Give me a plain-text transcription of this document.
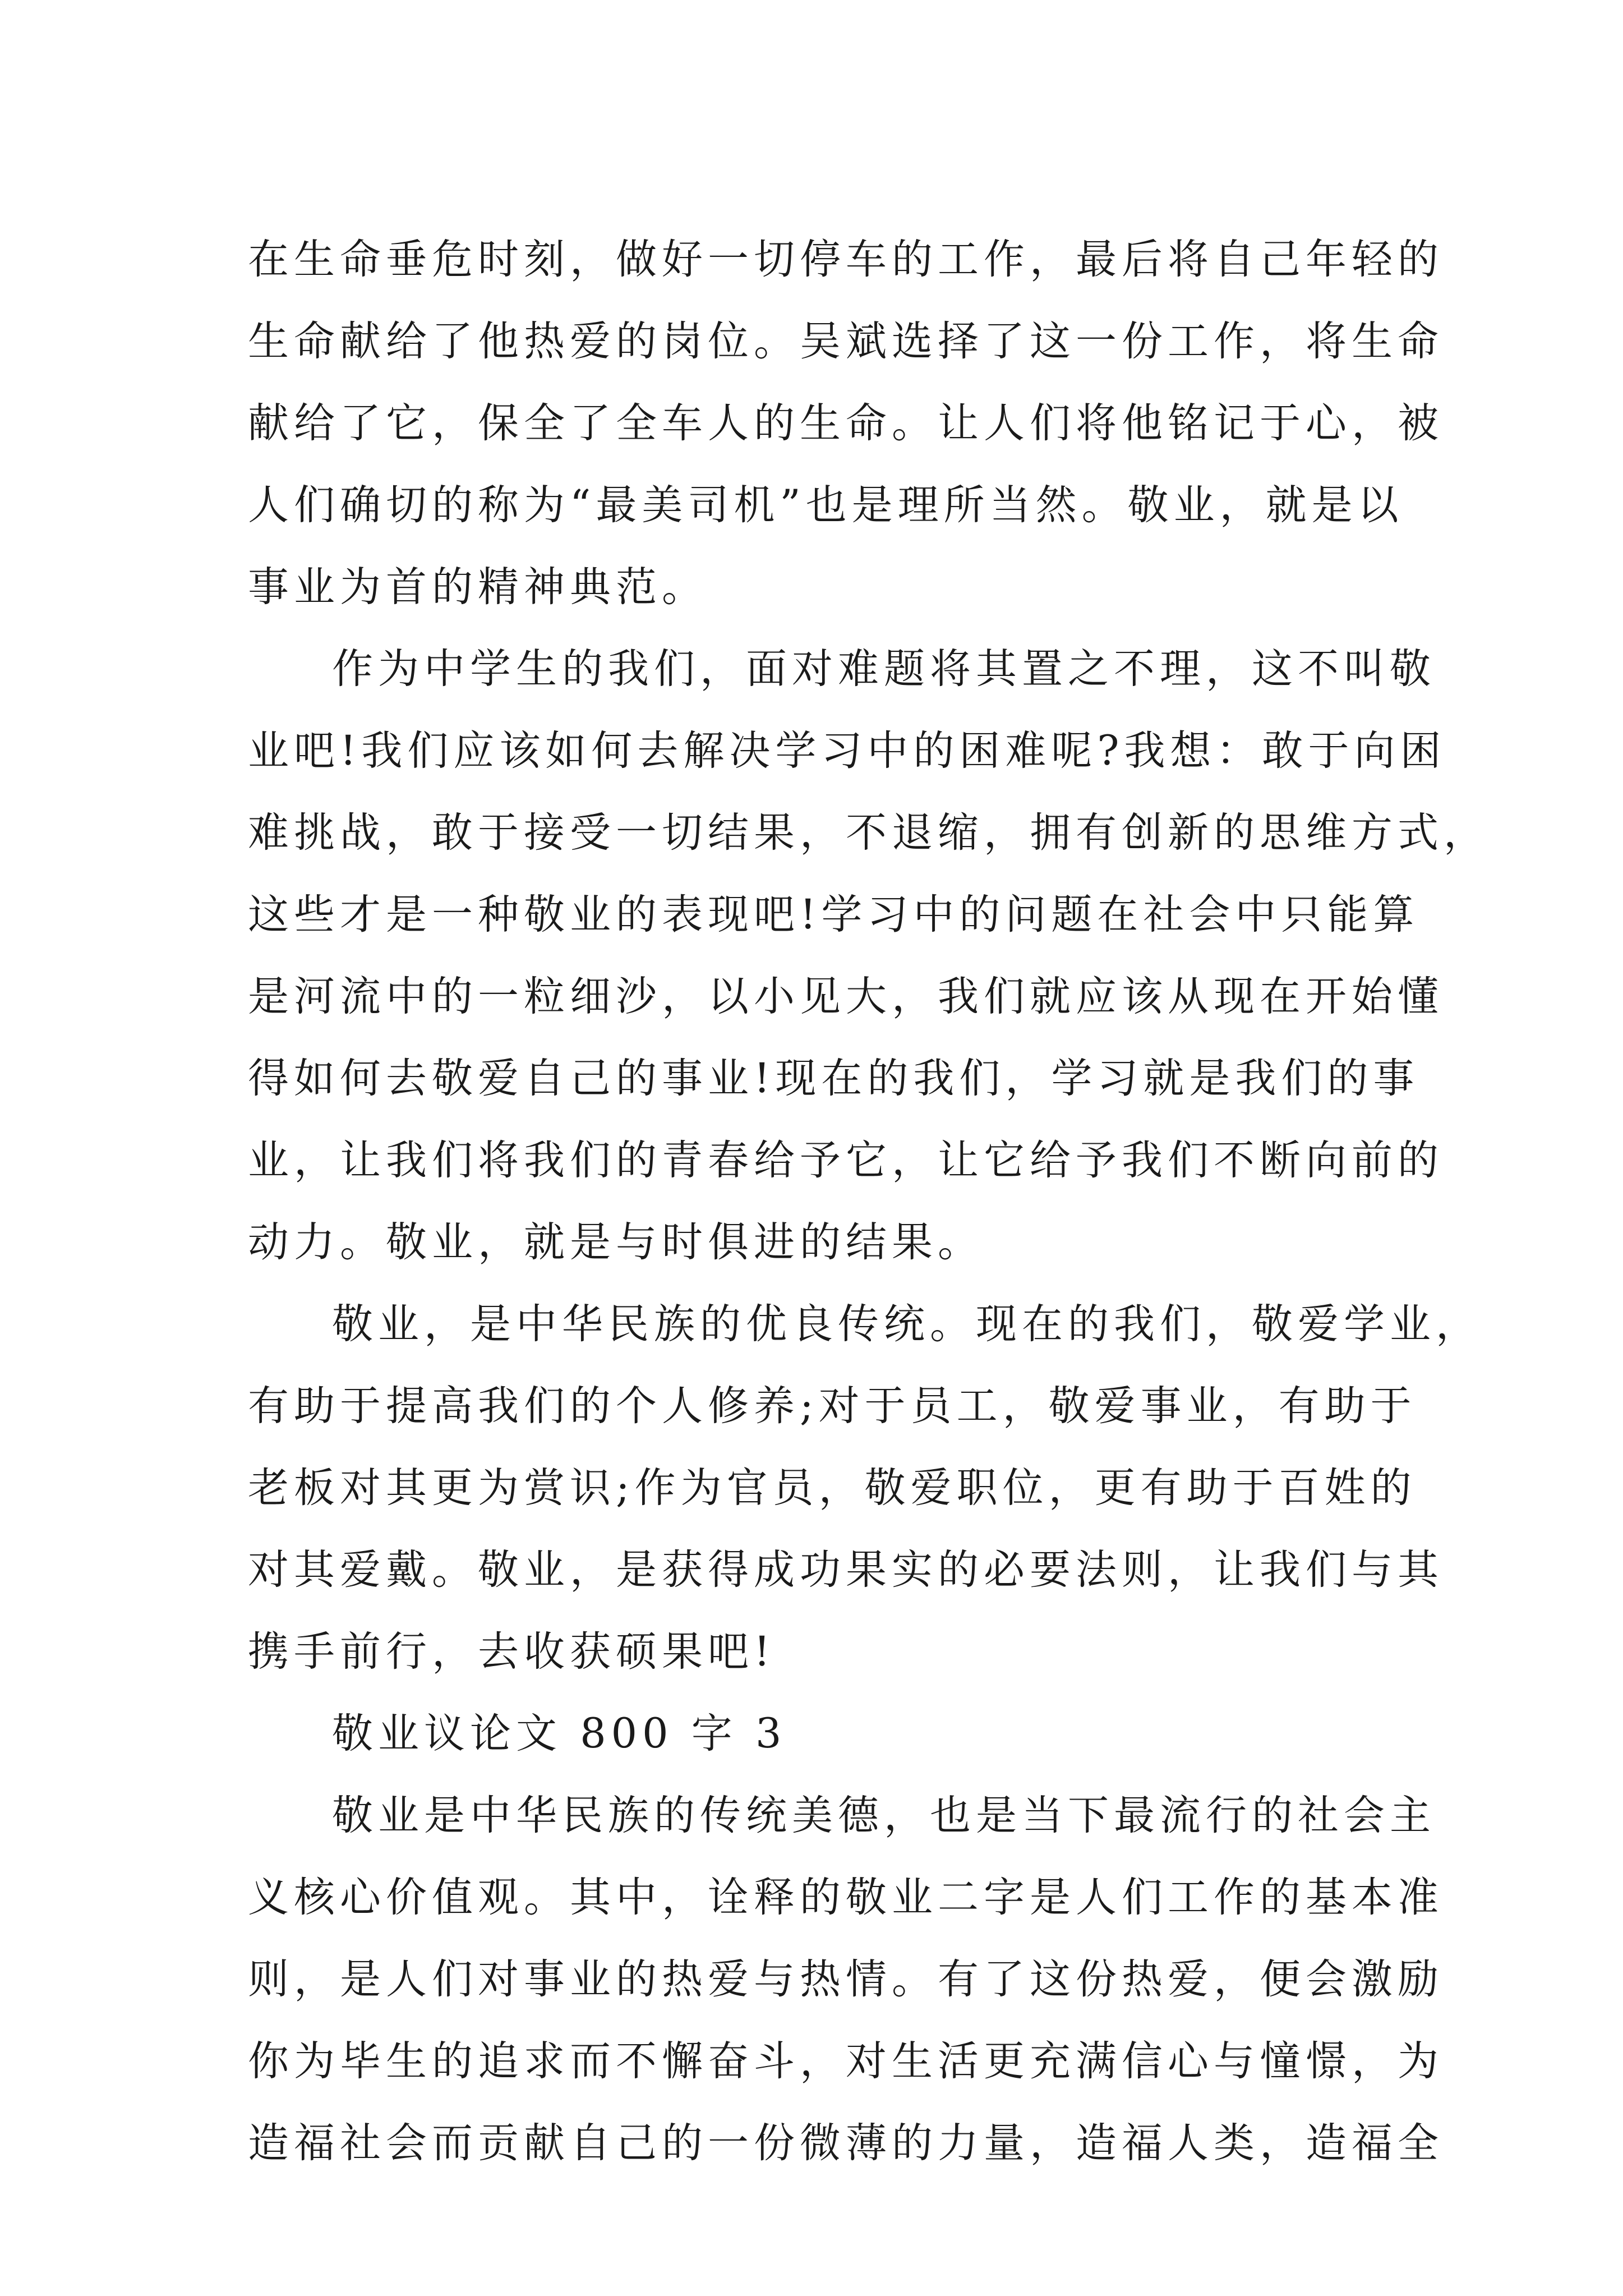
在生命垂危时刻，做好一切停车的工作，最后将自己年轻的
生命献给了他热爱的岗位。吴斌选择了这一份工作，将生命
献给了它，保全了全车人的生命。让人们将他铭记于心，被
人们确切的称为“最美司机”也是理所当然。敬业，就是以
事业为首的精神典范。
作为中学生的我们，面对难题将其置之不理，这不叫敬
业吧!我们应该如何去解决学习中的困难呢?我想：敢于向困
难挑战，敢于接受一切结果，不退缩，拥有创新的思维方式，
这些才是一种敬业的表现吧!学习中的问题在社会中只能算
是河流中的一粒细沙，以小见大，我们就应该从现在开始懂
得如何去敬爱自己的事业!现在的我们，学习就是我们的事
业，让我们将我们的青春给予它，让它给予我们不断向前的
动力。敬业，就是与时俱进的结果。
敬业，是中华民族的优良传统。现在的我们，敬爱学业，
有助于提高我们的个人修养;对于员工，敬爱事业，有助于
老板对其更为赏识;作为官员，敬爱职位，更有助于百姓的
对其爱戴。敬业，是获得成功果实的必要法则，让我们与其
携手前行，去收获硕果吧!
敬业议论文 800 字 3
敬业是中华民族的传统美德，也是当下最流行的社会主
义核心价值观。其中，诠释的敬业二字是人们工作的基本准
则，是人们对事业的热爱与热情。有了这份热爱，便会激励
你为毕生的追求而不懈奋斗，对生活更充满信心与憧憬，为
造福社会而贡献自己的一份微薄的力量，造福人类，造福全
